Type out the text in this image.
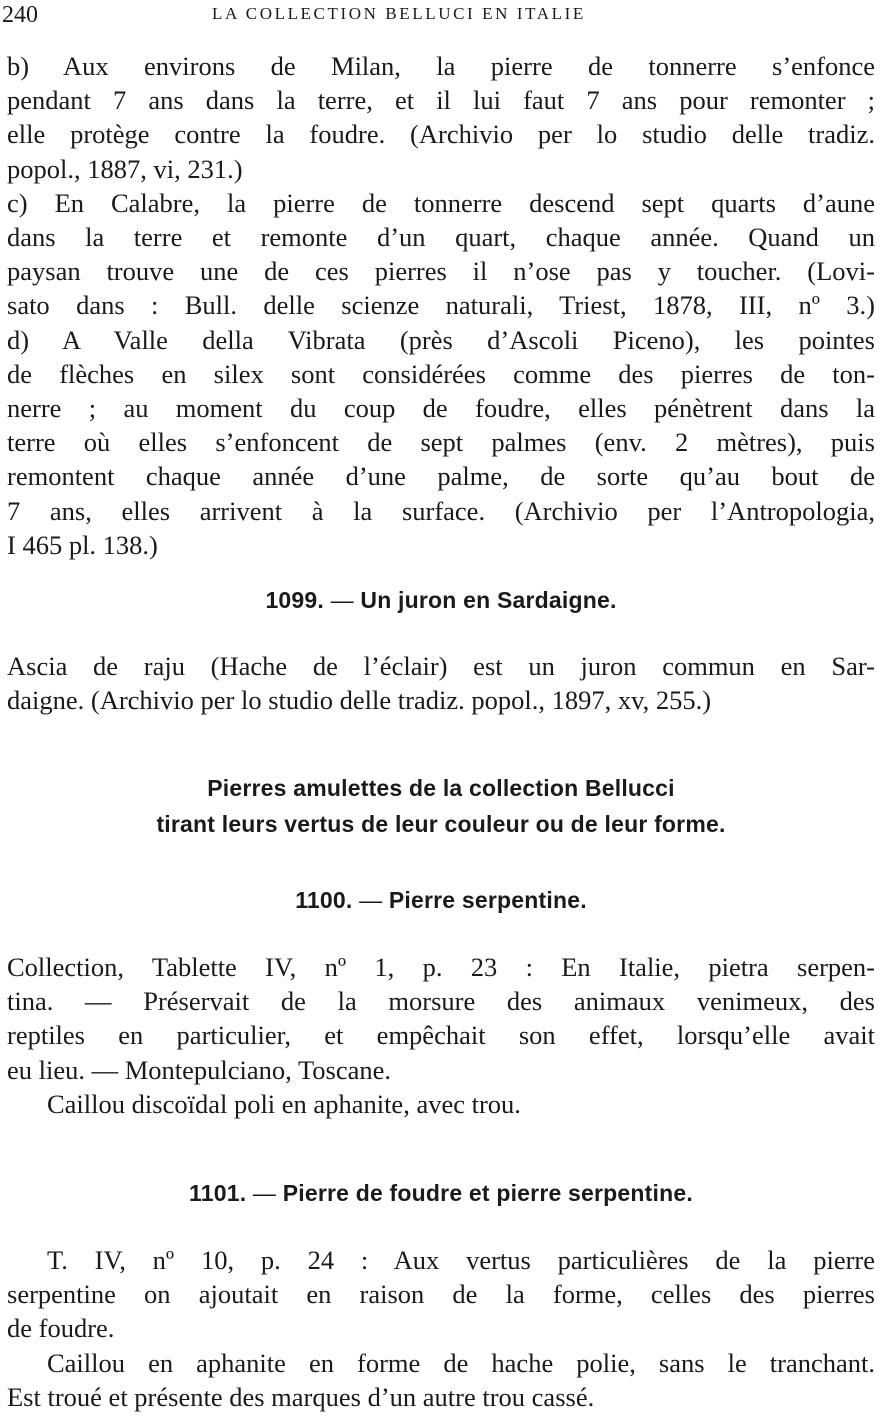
240	LA COLLECTION BELLUCI EN ITALIE
b) Aux environs de Milan, la pierre de tonnerre s’enfonce
pendant 7 ans dans la terre, et il lui faut 7 ans pour remonter ;
elle protège contre la foudre. (Archivio per lo studio delle tradiz.
popol., 1887, vi, 231.)
c) En Calabre, la pierre de tonnerre descend sept quarts d’aune
dans la terre et remonte d’un quart, chaque année. Quand un
paysan trouve une de ces pierres il n’ose pas y toucher. (Lovi-
sato dans : Bull. delle scienze naturali, Triest, 1878, III, nº 3.)
d) A Valle della Vibrata (près d’Ascoli Piceno), les pointes
de flèches en silex sont considérées comme des pierres de ton-
nerre ; au moment du coup de foudre, elles pénètrent dans la
terre où elles s’enfoncent de sept palmes (env. 2 mètres), puis
remontent chaque année d’une palme, de sorte qu’au bout de
7 ans, elles arrivent à la surface. (Archivio per l’Antropologia,
I 465 pl. 138.)
1099. — Un juron en Sardaigne.
Ascia de raju (Hache de l’éclair) est un juron commun en Sar-
daigne. (Archivio per lo studio delle tradiz. popol., 1897, xv, 255.)
Pierres amulettes de la collection Bellucci
tirant leurs vertus de leur couleur ou de leur forme.
1100. — Pierre serpentine.
Collection, Tablette IV, nº 1, p. 23 : En Italie, pietra serpen-
tina. — Préservait de la morsure des animaux venimeux, des
reptiles en particulier, et empêchait son effet, lorsqu’elle avait
eu lieu. — Montepulciano, Toscane.
Caillou discoïdal poli en aphanite, avec trou.
1101. — Pierre de foudre et pierre serpentine.
T. IV, nº 10, p. 24 : Aux vertus particulières de la pierre
serpentine on ajoutait en raison de la forme, celles des pierres
de foudre.
Caillou en aphanite en forme de hache polie, sans le tranchant.
Est troué et présente des marques d’un autre trou cassé.
